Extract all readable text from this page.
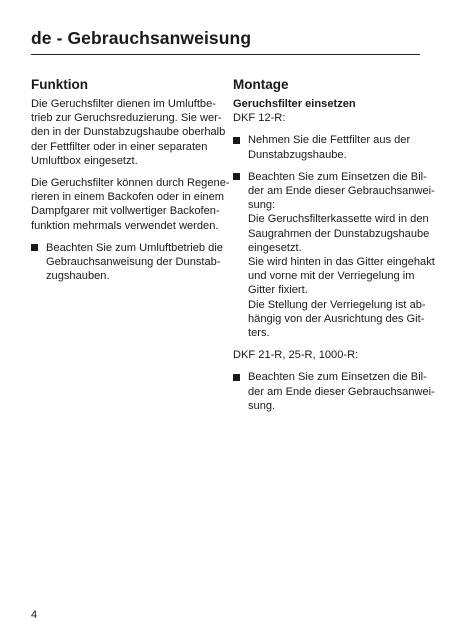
de - Gebrauchsanweisung
Funktion

Die Geruchsfilter dienen im Umluftbe-
trieb zur Geruchsreduzierung. Sie wer-
den in der Dunstabzugshaube oberhalb
der Fettfilter oder in einer separaten
Umluftbox eingesetzt.

Die Geruchsfilter können durch Regene-
rieren in einem Backofen oder in einem
Dampfgarer mit vollwertiger Backofen-
funktion mehrmals verwendet werden.

Beachten Sie zum Umluftbetrieb die
Gebrauchsanweisung der Dunstab-
zugshauben.
Montage
Geruchsfilter einsetzen

DKF 12-R:

Nehmen Sie die Fettfilter aus der
Dunstabzugshaube.
Beachten Sie zum Einsetzen die Bil-
der am Ende dieser Gebrauchsanwei-
sung:
Die Geruchsfilterkassette wird in den
Saugrahmen der Dunstabzugshaube
eingesetzt.
Sie wird hinten in das Gitter eingehakt
und vorne mit der Verriegelung im
Gitter fixiert.
Die Stellung der Verriegelung ist ab-
hängig von der Ausrichtung des Git-
ters.

DKF 21-R, 25-R, 1000-R:

Beachten Sie zum Einsetzen die Bil-
der am Ende dieser Gebrauchsanwei-
sung.
4
